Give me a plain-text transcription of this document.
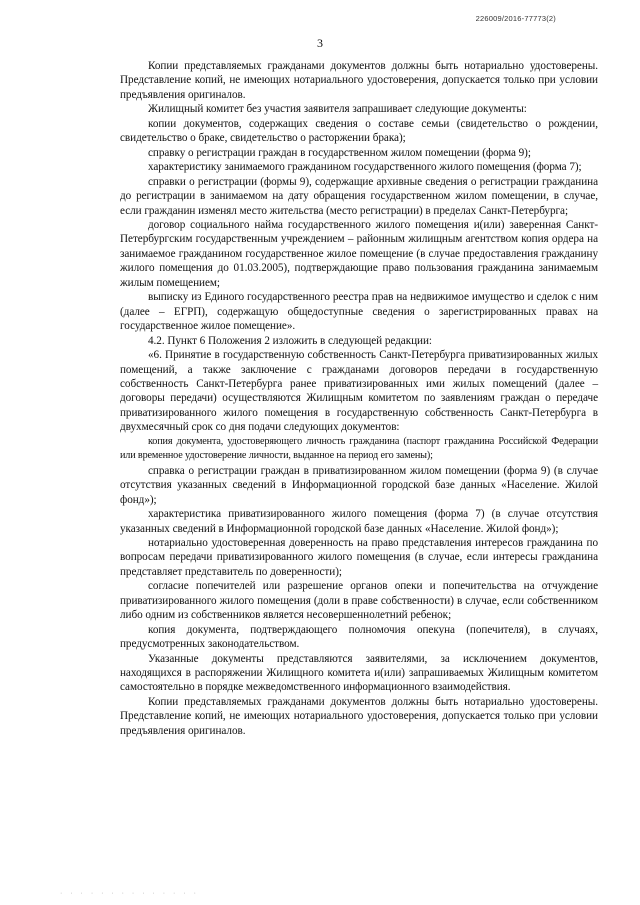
226009/2016-77773(2)
3

Копии представляемых гражданами документов должны быть нотариально удостоверены. Представление копий, не имеющих нотариального удостоверения, допускается только при условии предъявления оригиналов.

Жилищный комитет без участия заявителя запрашивает следующие документы:

копии документов, содержащих сведения о составе семьи (свидетельство о рождении, свидетельство о браке, свидетельство о расторжении брака);

справку о регистрации граждан в государственном жилом помещении (форма 9);

характеристику занимаемого гражданином государственного жилого помещения (форма 7);

справки о регистрации (формы 9), содержащие архивные сведения о регистрации гражданина до регистрации в занимаемом на дату обращения государственном жилом помещении, в случае, если гражданин изменял место жительства (место регистрации) в пределах Санкт-Петербурга;

договор социального найма государственного жилого помещения и(или) заверенная Санкт-Петербургским государственным учреждением – районным жилищным агентством копия ордера на занимаемое гражданином государственное жилое помещение (в случае предоставления гражданину жилого помещения до 01.03.2005), подтверждающие право пользования гражданина занимаемым жилым помещением;

выписку из Единого государственного реестра прав на недвижимое имущество и сделок с ним (далее – ЕГРП), содержащую общедоступные сведения о зарегистрированных правах на государственное жилое помещение».

4.2. Пункт 6 Положения 2 изложить в следующей редакции:

«6. Принятие в государственную собственность Санкт-Петербурга приватизированных жилых помещений, а также заключение с гражданами договоров передачи в государственную собственность Санкт-Петербурга ранее приватизированных ими жилых помещений (далее – договоры передачи) осуществляются Жилищным комитетом по заявлениям граждан о передаче приватизированного жилого помещения в государственную собственность Санкт-Петербурга в двухмесячный срок со дня подачи следующих документов:

копия документа, удостоверяющего личность гражданина (паспорт гражданина Российской Федерации или временное удостоверение личности, выданное на период его замены);

справка о регистрации граждан в приватизированном жилом помещении (форма 9) (в случае отсутствия указанных сведений в Информационной городской базе данных «Население. Жилой фонд»);

характеристика приватизированного жилого помещения (форма 7) (в случае отсутствия указанных сведений в Информационной городской базе данных «Население. Жилой фонд»);

нотариально удостоверенная доверенность на право представления интересов гражданина по вопросам передачи приватизированного жилого помещения (в случае, если интересы гражданина представляет представитель по доверенности);

согласие попечителей или разрешение органов опеки и попечительства на отчуждение приватизированного жилого помещения (доли в праве собственности) в случае, если собственником либо одним из собственников является несовершеннолетний ребенок;

копия документа, подтверждающего полномочия опекуна (попечителя), в случаях, предусмотренных законодательством.

Указанные документы представляются заявителями, за исключением документов, находящихся в распоряжении Жилищного комитета и(или) запрашиваемых Жилищным комитетом самостоятельно в порядке межведомственного информационного взаимодействия.

Копии представляемых гражданами документов должны быть нотариально удостоверены. Представление копий, не имеющих нотариального удостоверения, допускается только при условии предъявления оригиналов.

· · · · · · · · · · · · · ·
